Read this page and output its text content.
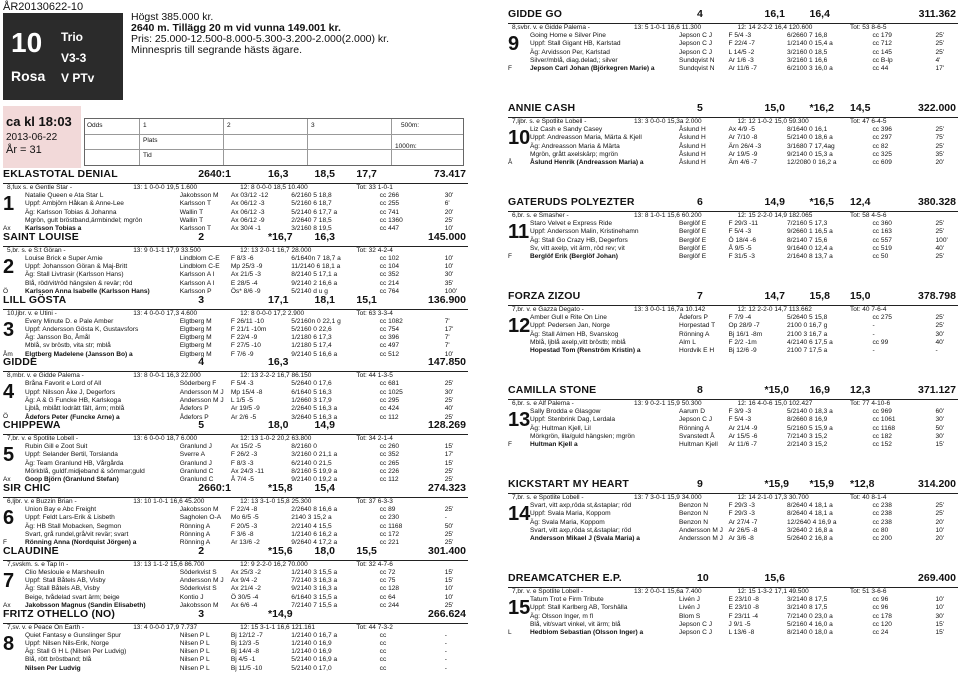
ÅR20130622-10
10
Rosa
Trio
V3-3
V PTv
Högst 385.000 kr.
2640 m. Tillägg 20 m vid vunna 149.001 kr.
Pris: 25.000-12.500-8.000-5.300-3.200-2.000(2.000) kr.
Minnespris till segrande hästs ägare.
ca kl 18:03
2013-06-22
År = 31
Odds
Plats
Tid
1	2	3	500m:
1000m:
EKLASTOTAL DENIAL	2640:1	16,3 18,5 17,7	73.417
8,fux s. e Gentle Star -	13: 1 0-0-0 19,5 1.600	12: 8 0-0-0 18,5 10.400	Tot: 33 1-0-1
1 Natalie Queen e Ata Star L	Jakobsson M Ax 03/12 -12	6/2160 5 18,8	cc 266	30'
Uppf: Ambjörn Håkan & Anne-Lee	Karlsson T	Ax 06/12 -3	5/2160 6 18,7	cc 255	6'
Äg: Karlsson Tobias & Johanna	Wallin T	Ax 06/12 -3	5/2140 6 17,7 a	cc 741	20'
Mgrön, gult bröstband,ärmbindel; mgrön	Wallin T	Ax 06/12 -9	2/2640 7 18,5	cc 1360	25'
Karlsson Tobias a	Karlsson T	Ax 30/4 -1	3/2160 8 19,5	cc 447	10'
Ax
SAINT LOUISE	2	*16,7 16,3	145.000
5,br. s. e S:t Göran -	13: 9 0-1-1 17,9 33.500	12: 13 2-0-1 16,7 28.000	Tot: 32 4-2-4
2 Louise Brick e Super Arnie	Lindblom C-E F 8/3 -6	6/1640n 7 18,7 a	cc 102	10'
Uppf: Johansson Göran & Maj-Britt	Lindblom C-E Mp 25/3 -9	11/2140 6 18,1 a	cc 104	10'
Äg: Stall Livtrasir (Karlsson Hans)	Karlsson A I Ax 21/5 -3	8/2140 5 17,1 a	cc 352	30'
Blå, röd/vit/röd hängslen & revär; röd	Karlsson A I E 28/5 -4	9/2140 2 16,6 a	cc 214	35'
Karlsson Anna Isabelle (Karlsson Hans)	Karlsson P	Ös* 8/6 -9	5/2140 d u g	cc 764	100'
Ö
LILL GÖSTA	3	17,1 18,1 15,1	136.900
10,ljbr. v. e Utini -	13: 4 0-0-0 17,3 4.600	12: 8 0-0-0 17,2 2.900	Tot: 63 3-3-4
3 Every Minute D. e Pale Amber	Elgtberg M	F 26/11 -10	5/2160n 0 22,1 g	cc 1082	7'
Uppf: Andersson Gösta K, Gustavsfors	Elgtberg M	F 21/1 -10m	5/2160 0 22,6	cc 754	17'
Äg: Jansson Bo, Åmål	Elgtberg M	F 22/4 -9	1/2180 6 17,3	cc 396	7'
Mblå, sv bröstb, vita str; mblå	Elgtberg M	F 27/5 -10	1/2180 5 17,4	cc 497	7'
Elgtberg Madelene (Jansson Bo) a	Elgtberg M	F 7/6 -9	9/2140 5 16,6 a	cc 512	10'
Åm
GIDDE	4	16,3	147.850
8,mbr. v. e Gidde Palema -	13: 8 0-0-1 16,3 22.000	12: 13 2-2-2 16,7 86.150	Tot: 44 1-3-5
4 Bråna Favorit e Lord of All	Söderberg F F 5/4 -3	5/2640 0 17,6	cc 681	25'
Uppf: Nilsson Åke J, Degerfors	Andersson M J Mp 15/4 -8	6/1640 5 16,3	cc 1025	30'
Äg: A & G Funcke HB, Karlskoga	Andersson M J L 1/5 -5	1/2660 3 17,9	cc 295	25'
Ljblå, mblått lodrätt fält, ärm; mblå	Ådefors P	Ar 19/5 -9	2/2640 5 16,3 a	cc 424	40'
Ådefors Peter (Funcke Arne) a	Ådefors P	Ar 2/6 -5	3/2640 5 16,3 a	cc 112	25'
Ö
CHIPPEWA	5	18,0 14,9	128.269
7,br. v. e Spotlite Lobell -	13: 6 0-0-0 18,7 6.000	12: 13 1-0-2 20,2 63.800	Tot: 34 2-1-4
5 Rubin Gill e Zoot Suit	Granlund J	Ax 15/2 -5	8/2160 0	cc 260	15'
Uppf: Selander Bertil, Torslanda	Sverre A	F 26/2 -3	3/2160 0 21,1 a	cc 352	17'
Äg: Team Granlund HB, Vårgårda	Granlund J	F 8/3 -3	6/2140 0 21,5	cc 265	15'
Mörkblå, guldf.midjeband & sömmar;guld	Granlund C	Ax 24/3 -11	8/2160 5 19,9 a	cc 226	25'
Goop Björn (Granlund Stefan)	Granlund C	Å 7/4 -5	9/2140 0 19,2 a	cc 112	25'
Ax
SIR CHIC	2660:1	*15,8 15,4	274.323
6,ljbr. v. e Buzzin Brian -	13: 10 1-0-1 16,6 45.200	12: 13 3-1-0 15,8 25.300	Tot: 37 6-3-3
6 Union Bay e Abc Freight	Jakobsson M F 22/4 -8	2/2640 8 16,6 a	cc 89	25'
Uppf: Feldt Lars-Erik & Lisbeth	Sagholen O-A Mo 6/5 -5	2140 3 15,2 a	cc 230	-
Äg: HB Stall Mobacken, Segmon	Rönning A	F 20/5 -3	2/2140 4 15,5	cc 1168	50'
Svart, grå rundel,grå/vit revär; svart	Rönning A	F 3/6 -8	1/2140 6 16,2 a	cc 172	25'
Rönning Anna (Nordquist Jörgen) a	Rönning A	Ar 13/6 -2	9/2640 4 17,2 a	cc 221	25'
F
CLAUDINE	2	*15,6 18,0 15,5	301.400
7,svskm. s. e Tap In -	13: 13 1-1-2 15,6 86.700	12: 9 2-2-0 16,2 70.000	Tot: 32 4-7-6
7 Clio Meslouie e Marsheulin	Söderkvist S Ax 25/3 -2	1/2140 3 15,5 a	cc 72	15'
Uppf: Stall Båtels AB, Visby	Andersson M J Ax 9/4 -2	7/2140 3 16,3 a	cc 75	15'
Äg: Stall Båtels AB, Visby	Söderkvist S Ax 21/4 -2	9/2140 3 16,3 a	cc 128	10'
Beige, tvådelad svart ärm; beige	Kontio J	Ö 30/5 -4	6/1640 3 15,5 a	cc 64	10'
Jakobsson Magnus (Sandin Elisabeth)	Jakobsson M Ax 6/6 -4	7/2140 7 15,5 a	cc 244	25'
Ax
FRITZ OTHELLO (NO)	3	*14,9	266.624
7,sv. v. e Peace On Earth -	13: 4 0-0-0 17,9 7.737	12: 15 3-1-1 16,6 121.161	Tot: 44 7-3-2
8 Quiet Fantasy e Gunslinger Spur	Nilsen P L	Bj 12/12 -7	1/2140 0 16,7 a	cc	-
Uppf: Nilsen Nils-Erik, Norge	Nilsen P L	Bj 12/3 -5	1/2140 0 16,9	cc	-
Äg: Stall G H L (Nilsen Per Ludvig)	Nilsen P L	Bj 14/4 -8	1/2140 0 16,9	cc	-
Blå, rött bröstband; blå	Nilsen P L	Bj 4/5 -1	5/2140 0 16,9 a	cc	-
Nilsen Per Ludvig	Nilsen P L	Bj 11/5 -10	5/2140 0 17,0	cc	-
GIDDE GO	4	16,1 16,4	311.362
8,svbr. v. e Gidde Palema -	13: 5 1-0-1 16,6 11.300	12: 14 2-2-2 16,4 120.600	Tot: 53 8-6-5
9 Going Home e Silver Pine	Jepson C J	F 5/4 -3	6/2660 7 16,8	cc 179	25'
Uppf: Stall Gigant HB, Karlstad	Jepson C J	F 22/4 -7	1/2140 0 15,4 a	cc 712	25'
Äg: Arvidsson Per, Karlstad	Jepson C J	L 14/5 -2	3/2160 0 18,5	cc 145	25'
Silver/mblå, diag.delad,; silver	Sundqvist N Ar 1/6 -3	3/2160 1 16,6	cc B-lp	4'
Jepson Carl Johan (Björkegren Marie) a	Sundqvist N Ar 11/6 -7	6/2100 3 16,0 a	cc 44	17'
F
ANNIE CASH	5	15,0 *16,2 14,5	322.000
7,ljbr. s. e Spotlite Lobell -	13: 3 0-0-0 15,3a 2.000	12: 12 1-0-2 15,0 59.300	Tot: 47 6-4-5
10 Liz Cash e Sandy Casey	Åslund H	Ax 4/9 -5	8/1640 0 16,1	cc 396	25'
Uppf: Andreasson Maria, Märta & Kjell	Åslund H	Ar 7/10 -8	5/2140 0 18,6 a	cc 297	75'
Äg: Andreasson Maria & Märta	Åslund H	Ärn 26/4 -3	3/1680 7 17,4ag	cc 82	25'
Mgrön, grått axelskärp; mgrön	Åslund H	Ar 19/5 -9	9/2140 0 15,3 a	cc 325	35'
Åslund Henrik (Andreasson Maria) a	Åslund H	Äm 4/6 -7	12/2080 0 16,2 a	cc 609	20'
Å
GATERUDS POLYEZTER	6	14,9 *16,5 12,4	380.328
6,br. s. e Smasher -	13: 8 1-0-1 15,6 60.200	12: 15 2-2-0 14,9 182.065	Tot: 58 4-5-6
11 Staro Velvet e Express Ride	Berglöf E	F 29/3 -11	7/2160 5 17,3	cc 360	25'
Uppf: Andersson Malin, Kristinehamn	Berglöf E	F 5/4 -3	9/2660 1 16,5 a	cc 163	25'
Äg: Stall Go Crazy HB, Degerfors	Berglöf E	Ö 18/4 -6	8/2140 7 15,6	cc 557	100'
Sv, vitt axelp, vit ärm, röd rev; vit	Berglöf E	Å 9/5 -5	9/1640 0 12,4 a	cc 519	40'
Berglöf Erik (Berglöf Johan)	Berglöf E	F 31/5 -3	2/1640 8 13,7 a	cc 50	25'
F
FORZA ZIZOU	7	14,7 15,8 15,0	378.798
7,br. v. e Gazza Degato -	13: 3 0-0-1 16,7a 10.142	12: 12 2-2-0 14,7 113.662	Tot: 40 7-6-4
12 Amber Gull e Rite On Line	Ådefors P	F 7/9 -4	5/2640 5 15,8	cc 275	25'
Uppf: Pedersen Jan, Norge	Horpestad T Op 28/9 -7	2100 0 16,7 g	-	25'
Äg: Stall Almen HB, Svanskog	Rönning A	Bj 16/1 -8m	2100 3 16,7 a	-	30'
Mblå, ljblå axelp,vitt bröstb; mblå	Alm L	F 2/2 -1m	4/2140 6 17,5 a	cc 99	40'
Hopestad Tom (Renström Kristin) a	Hordvik E H Bj 12/6 -9	2100 7 17,5 a	-	-
CAMILLA STONE	8	*15,0 16,9 12,3	371.127
6,br. s. e Alf Palema -	13: 9 0-2-1 15,9 50.300	12: 16 4-0-6 15,0 102.427	Tot: 77 4-10-6
13 Sally Brodda e Glasgow	Aarum D	F 3/9 -3	5/2140 0 18,3 a	cc 969	60'
Uppf: Stenbrink Dag, Lerdala	Jepson C J	F 5/4 -3	8/2660 8 16,9	cc 1061	30'
Äg: Hultman Kjell, Lil	Rönning A	Ar 21/4 -9	5/2160 5 15,9 a	cc 1168	50'
Mörkgrön, lila/guld hängslen; mgrön	Svanstedt Å Ar 15/5 -6	7/2140 3 15,2	cc 182	30'
Hultman Kjell a	Hultman Kjell Ar 11/6 -7	2/2140 3 15,2	cc 152	15'
F
KICKSTART MY HEART	9	*15,9 *15,9 *12,8	314.200
7,br. s. e Spotlite Lobell -	13: 7 3-0-1 15,9 34.000	12: 14 2-1-0 17,3 30.700	Tot: 40 8-1-4
14 Svart, vitt axp,röda st,&staplar; röd	Benzon N	F 29/3 -3	8/2640 4 18,1 a	cc 238	25'
Uppf: Svala Maria, Koppom	Benzon N	F 29/3 -3	8/2640 4 18,1 a	cc 238	25'
Äg: Svala Maria, Koppom	Benzon N	Ar 27/4 -7	12/2640 4 16,9 a	cc 238	20'
Svart, vitt axp,röda st,&staplar; röd	Andersson M J Ar 26/5 -8	3/2640 2 16,8 a	cc 80	10'
Andersson Mikael J (Svala Maria) a	Andersson M J Ar 3/6 -8	5/2640 2 16,8 a	cc 200	20'
DREAMCATCHER E.P.	10	15,6	269.400
7,br. v. e Spotlite Lobell -	13: 2 0-0-1 15,6a 7.400	12: 15 1-3-2 17,1 49.500	Tot: 51 3-6-6
15 Tatum Trot e Firm Tribute	Livén J	E 23/10 -8	3/2140 8 17,5	cc 96	10'
Uppf: Stall Karlberg AB, Torshälla	Livén J	E 23/10 -8	3/2140 8 17,5	cc 96	10'
Äg: Olsson Inger, m fl	Blom S	F 23/11 -4	7/2140 0 23,0 a	cc 178	30'
Blå, vit/svart vinkel, vit ärm; blå	Jepson C J	J 9/1 -5	5/2160 4 16,0 a	cc 120	15'
Hedblom Sebastian (Olsson Inger) a	Jepson C J	L 13/6 -8	8/2140 0 18,0 a	cc 24	15'
L
